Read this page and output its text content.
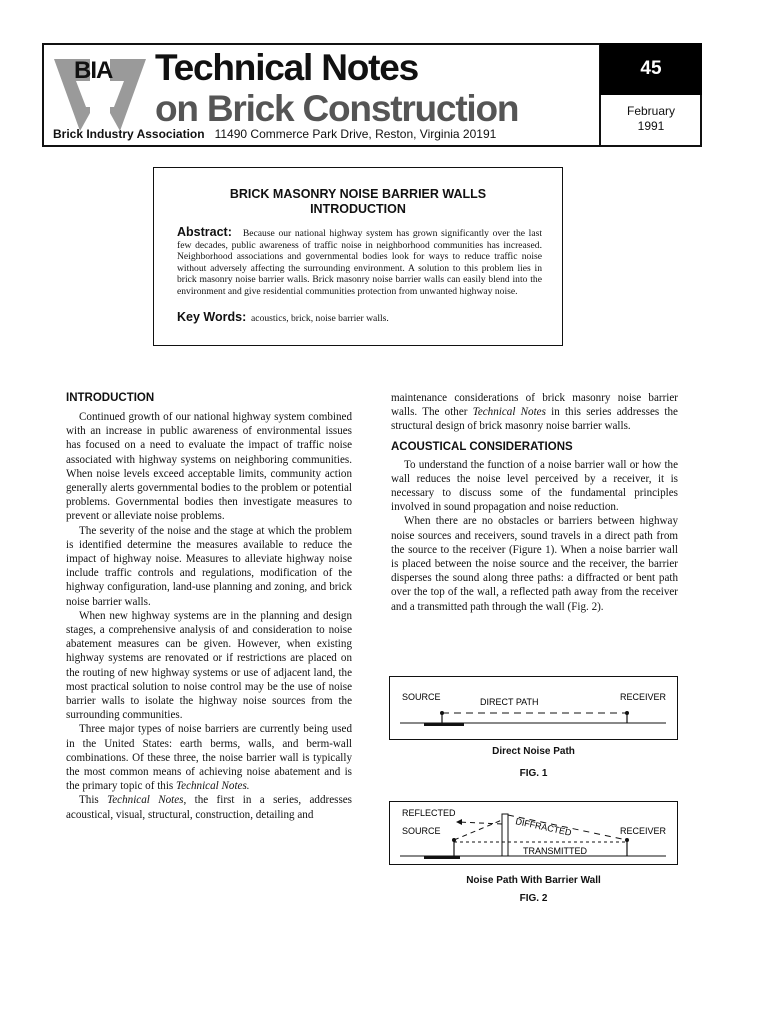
BIA Technical Notes
on Brick Construction
Brick Industry Association 11490 Commerce Park Drive, Reston, Virginia 20191
45
February
1991
BRICK MASONRY NOISE BARRIER WALLS
INTRODUCTION
Abstract: Because our national highway system has grown significantly over the last few decades, public awareness of traffic noise in neighborhood communities has increased. Neighborhood associations and governmental bodies look for ways to reduce traffic noise without adversely affecting the surrounding environment. A solution to this problem lies in brick masonry noise barrier walls. Brick masonry noise barrier walls can easily blend into the environment and give residential communities protection from unwanted highway noise.
Key Words: acoustics, brick, noise barrier walls.
INTRODUCTION

Continued growth of our national highway system combined with an increase in public awareness of environmental issues has focused on a need to evaluate the impact of traffic noise associated with highway systems on neighboring communities. When noise levels exceed acceptable limits, community action generally alerts governmental bodies to the problem or potential problems. Governmental bodies then investigate measures to prevent or alleviate noise problems.

The severity of the noise and the stage at which the problem is identified determine the measures available to reduce the impact of highway noise. Measures to alleviate highway noise include traffic controls and regulations, modification of the highway configuration, land-use planning and zoning, and brick noise barrier walls.

When new highway systems are in the planning and design stages, a comprehensive analysis of and consideration to noise abatement measures can be given. However, when existing highway systems are renovated or if restrictions are placed on the routing of new highway systems or use of adjacent land, the most practical solution to noise control may be the use of noise barrier walls to isolate the highway noise sources from the surrounding communities.

Three major types of noise barriers are currently being used in the United States: earth berms, walls, and berm-wall combinations. Of these three, the noise barrier wall is typically the most common means of achieving noise abatement and is the primary topic of this Technical Notes.

This Technical Notes, the first in a series, addresses acoustical, visual, structural, construction, detailing and

maintenance considerations of brick masonry noise barrier walls. The other Technical Notes in this series addresses the structural design of brick masonry noise barrier walls.

ACOUSTICAL CONSIDERATIONS

To understand the function of a noise barrier wall or how the wall reduces the noise level perceived by a receiver, it is necessary to discuss some of the fundamental principles involved in sound propagation and noise reduction.

When there are no obstacles or barriers between highway noise sources and receivers, sound travels in a direct path from the source to the receiver (Figure 1). When a noise barrier wall is placed between the noise source and the receiver, the barrier disperses the sound along three paths: a diffracted or bent path over the top of the wall, a reflected path away from the receiver and a transmitted path through the wall (Fig. 2).

SOURCE	DIRECT PATH	RECEIVER
Direct Noise Path
FIG. 1
REFLECTED
SOURCE	DIFFRACTED
TRANSMITTED
RECEIVER
Noise Path With Barrier Wall
FIG. 2
